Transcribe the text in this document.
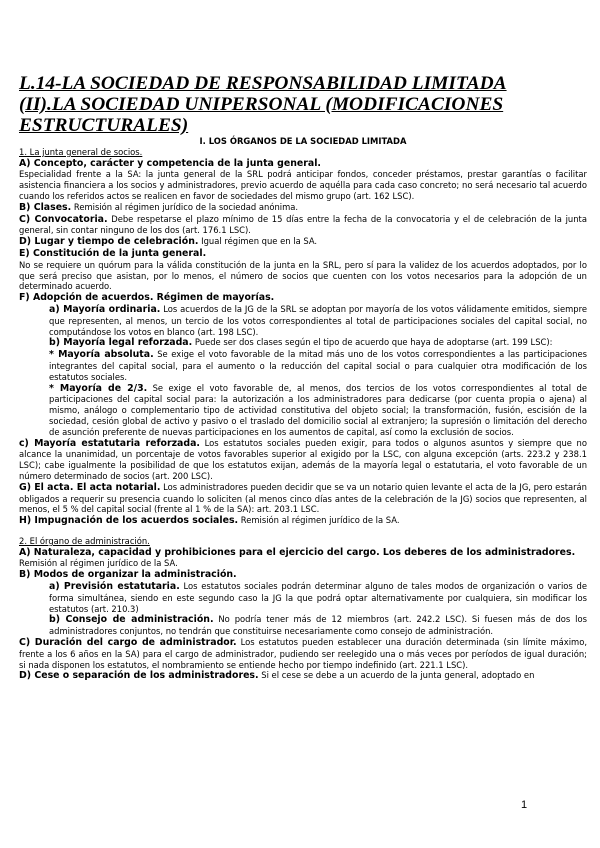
L.14-LA SOCIEDAD DE RESPONSABILIDAD LIMITADA
(II).LA SOCIEDAD UNIPERSONAL (MODIFICACIONES
ESTRUCTURALES)

I. LOS ÓRGANOS DE LA SOCIEDAD LIMITADA

1. La junta general de socios.

A) Concepto, carácter y competencia de la junta general.

Especialidad frente a la SA: la junta general de la SRL podrá anticipar fondos, conceder préstamos, prestar garantías o facilitar asistencia financiera a los socios y administradores, previo acuerdo de aquélla para cada caso concreto; no será necesario tal acuerdo cuando los referidos actos se realicen en favor de sociedades del mismo grupo (art. 162 LSC).

B) Clases. Remisión al régimen jurídico de la sociedad anónima.

C) Convocatoria. Debe respetarse el plazo mínimo de 15 días entre la fecha de la convocatoria y el de celebración de la junta general, sin contar ninguno de los dos (art. 176.1 LSC).

D) Lugar y tiempo de celebración. Igual régimen que en la SA.

E) Constitución de la junta general.

No se requiere un quórum para la válida constitución de la junta en la SRL, pero sí para la validez de los acuerdos adoptados, por lo que será preciso que asistan, por lo menos, el número de socios que cuenten con los votos necesarios para la adopción de un determinado acuerdo.

F) Adopción de acuerdos. Régimen de mayorías.

a) Mayoría ordinaria. Los acuerdos de la JG de la SRL se adoptan por mayoría de los votos válidamente emitidos, siempre que representen, al menos, un tercio de los votos correspondientes al total de participaciones sociales del capital social, no computándose los votos en blanco (art. 198 LSC).

b) Mayoría legal reforzada. Puede ser dos clases según el tipo de acuerdo que haya de adoptarse (art. 199 LSC):

* Mayoría absoluta. Se exige el voto favorable de la mitad más uno de los votos correspondientes a las participaciones integrantes del capital social, para el aumento o la reducción del capital social o para cualquier otra modificación de los estatutos sociales.

* Mayoría de 2/3. Se exige el voto favorable de, al menos, dos tercios de los votos correspondientes al total de participaciones del capital social para: la autorización a los administradores para dedicarse (por cuenta propia o ajena) al mismo, análogo o complementario tipo de actividad constitutiva del objeto social; la transformación, fusión, escisión de la sociedad, cesión global de activo y pasivo o el traslado del domicilio social al extranjero; la supresión o limitación del derecho de asunción preferente de nuevas participaciones en los aumentos de capital, así como la exclusión de socios.

c) Mayoría estatutaria reforzada. Los estatutos sociales pueden exigir, para todos o algunos asuntos y siempre que no alcance la unanimidad, un porcentaje de votos favorables superior al exigido por la LSC, con alguna excepción (arts. 223.2 y 238.1 LSC); cabe igualmente la posibilidad de que los estatutos exijan, además de la mayoría legal o estatutaria, el voto favorable de un número determinado de socios (art. 200 LSC).

G) El acta. El acta notarial. Los administradores pueden decidir que se va un notario quien levante el acta de la JG, pero estarán obligados a requerir su presencia cuando lo soliciten (al menos cinco días antes de la celebración de la JG) socios que representen, al menos, el 5 % del capital social (frente al 1 % de la SA): art. 203.1 LSC.

H) Impugnación de los acuerdos sociales. Remisión al régimen jurídico de la SA.

2. El órgano de administración.

A) Naturaleza, capacidad y prohibiciones para el ejercicio del cargo. Los deberes de los administradores.

Remisión al régimen jurídico de la SA.

B) Modos de organizar la administración.

a) Previsión estatutaria. Los estatutos sociales podrán determinar alguno de tales modos de organización o varios de forma simultánea, siendo en este segundo caso la JG la que podrá optar alternativamente por cualquiera, sin modificar los estatutos (art. 210.3)

b) Consejo de administración. No podría tener más de 12 miembros (art. 242.2 LSC). Si fuesen más de dos los administradores conjuntos, no tendrán que constituirse necesariamente como consejo de administración.

C) Duración del cargo de administrador. Los estatutos pueden establecer una duración determinada (sin límite máximo, frente a los 6 años en la SA) para el cargo de administrador, pudiendo ser reelegido una o más veces por períodos de igual duración; si nada disponen los estatutos, el nombramiento se entiende hecho por tiempo indefinido (art. 221.1 LSC).

D) Cese o separación de los administradores. Si el cese se debe a un acuerdo de la junta general, adoptado en

1
